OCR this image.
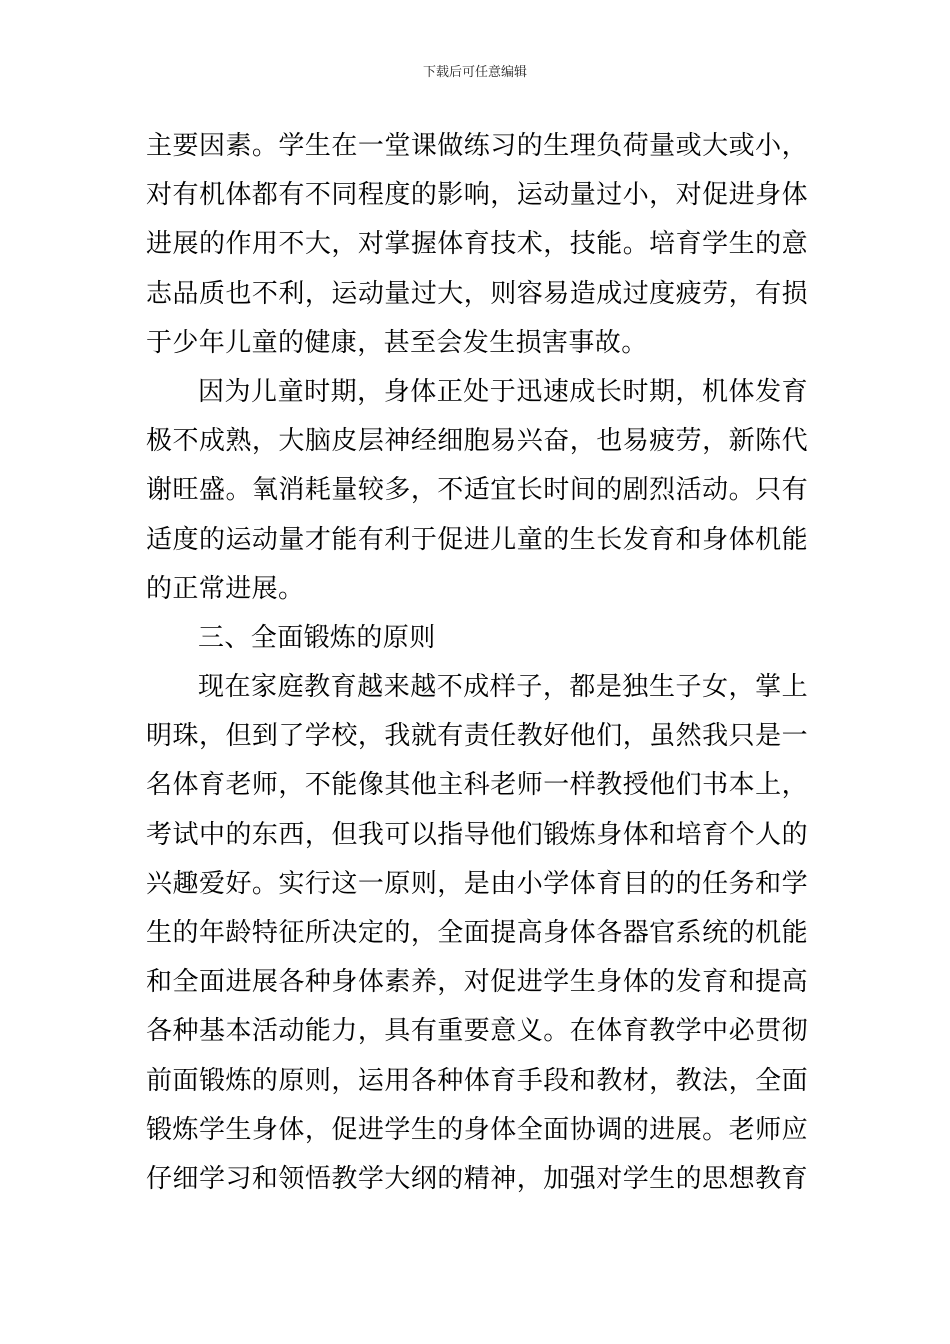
下载后可任意编辑
主要因素。学生在一堂课做练习的生理负荷量或大或小，
对有机体都有不同程度的影响，运动量过小，对促进身体
进展的作用不大，对掌握体育技术，技能。培育学生的意
志品质也不利，运动量过大，则容易造成过度疲劳，有损
于少年儿童的健康，甚至会发生损害事故。
因为儿童时期，身体正处于迅速成长时期，机体发育
极不成熟，大脑皮层神经细胞易兴奋，也易疲劳，新陈代
谢旺盛。氧消耗量较多，不适宜长时间的剧烈活动。只有
适度的运动量才能有利于促进儿童的生长发育和身体机能
的正常进展。
三、全面锻炼的原则
现在家庭教育越来越不成样子，都是独生子女，掌上
明珠，但到了学校，我就有责任教好他们，虽然我只是一
名体育老师，不能像其他主科老师一样教授他们书本上，
考试中的东西，但我可以指导他们锻炼身体和培育个人的
兴趣爱好。实行这一原则，是由小学体育目的的任务和学
生的年龄特征所决定的，全面提高身体各器官系统的机能
和全面进展各种身体素养，对促进学生身体的发育和提高
各种基本活动能力，具有重要意义。在体育教学中必贯彻
前面锻炼的原则，运用各种体育手段和教材，教法，全面
锻炼学生身体，促进学生的身体全面协调的进展。老师应
仔细学习和领悟教学大纲的精神，加强对学生的思想教育
